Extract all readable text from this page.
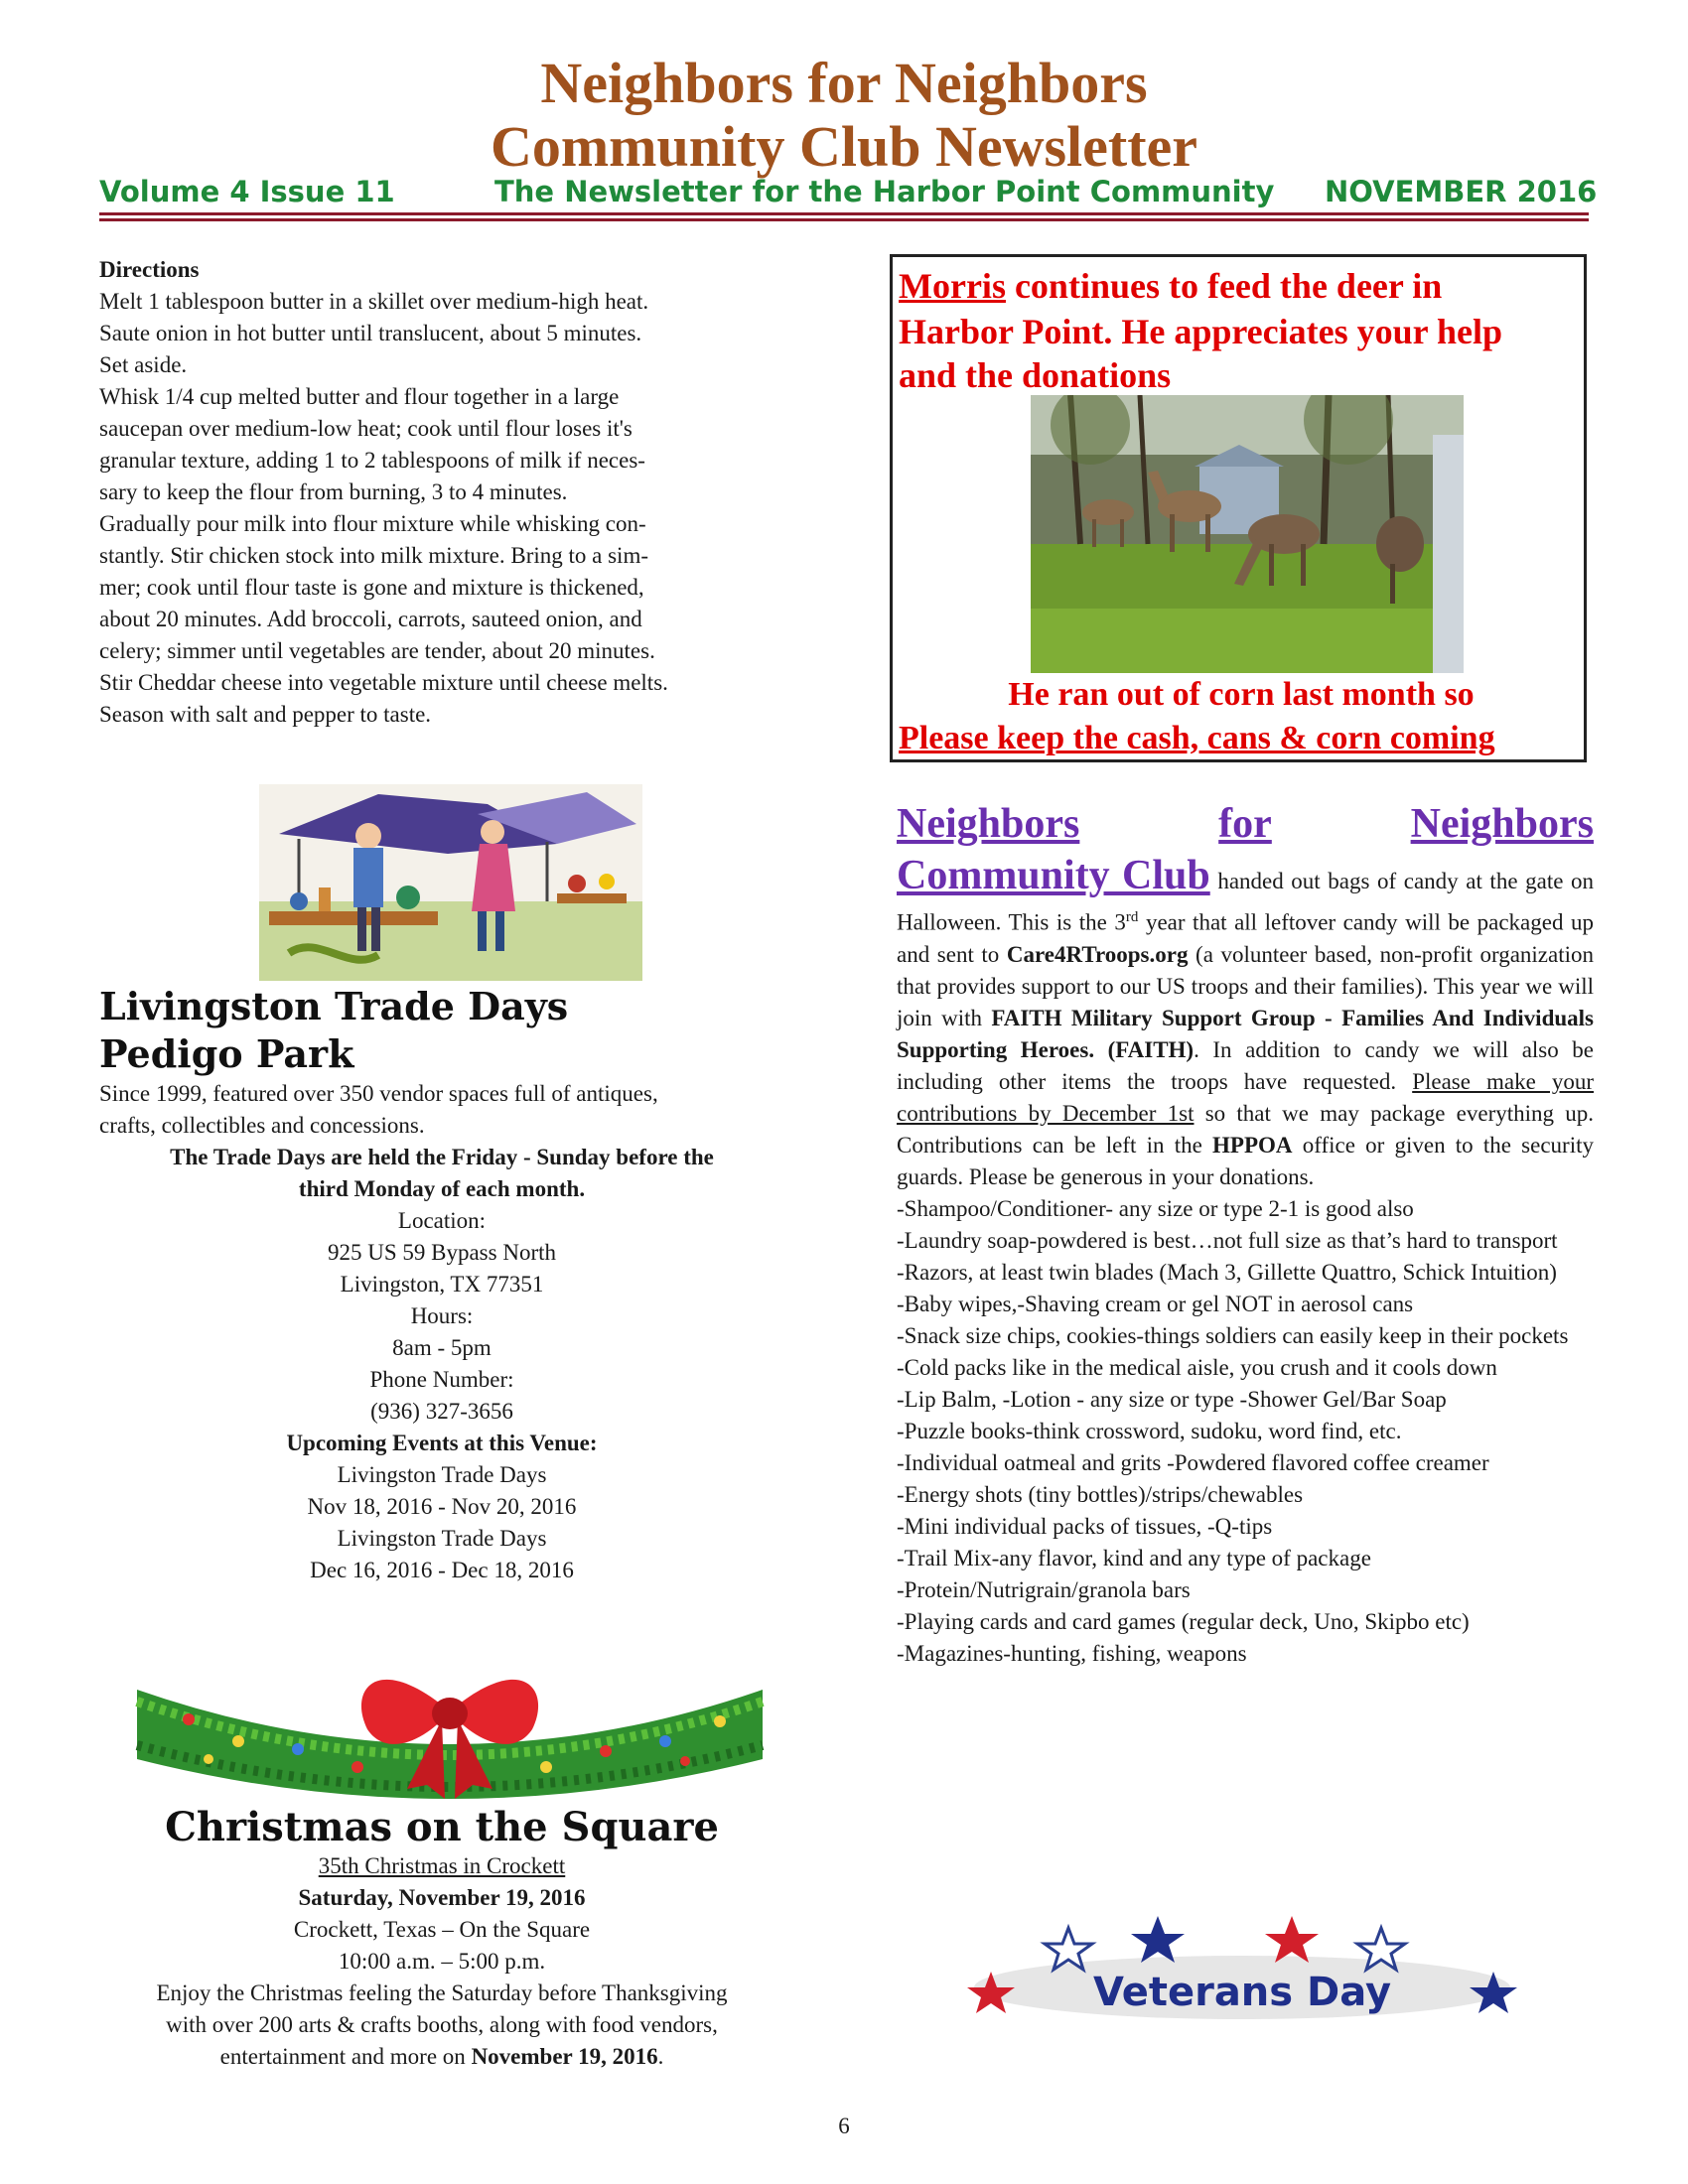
Neighbors for Neighbors
Community Club Newsletter
Volume 4 Issue 11	The Newsletter for the Harbor Point Community NOVEMBER 2016
Directions
Melt 1 tablespoon butter in a skillet over medium-high heat.
Saute onion in hot butter until translucent, about 5 minutes.
Set aside.
Whisk 1/4 cup melted butter and flour together in a large
saucepan over medium-low heat; cook until flour loses it's
granular texture, adding 1 to 2 tablespoons of milk if neces-
sary to keep the flour from burning, 3 to 4 minutes.
Gradually pour milk into flour mixture while whisking con-
stantly. Stir chicken stock into milk mixture. Bring to a sim-
mer; cook until flour taste is gone and mixture is thickened,
about 20 minutes. Add broccoli, carrots, sauteed onion, and
celery; simmer until vegetables are tender, about 20 minutes.
Stir Cheddar cheese into vegetable mixture until cheese melts.
Season with salt and pepper to taste.
Livingston Trade Days
Pedigo Park
Since 1999, featured over 350 vendor spaces full of antiques,
crafts, collectibles and concessions.
The Trade Days are held the Friday - Sunday before the
third Monday of each month.
Location:
925 US 59 Bypass North
Livingston, TX 77351
Hours:
8am - 5pm
Phone Number:
(936) 327-3656
Upcoming Events at this Venue:
Livingston Trade Days
Nov 18, 2016 - Nov 20, 2016
Livingston Trade Days
Dec 16, 2016 - Dec 18, 2016
Christmas on the Square
35th Christmas in Crockett
Saturday, November 19, 2016
Crockett, Texas – On the Square
10:00 a.m. – 5:00 p.m.
Enjoy the Christmas feeling the Saturday before Thanksgiving
with over 200 arts & crafts booths, along with food vendors,
entertainment and more on November 19, 2016.
Morris continues to feed the deer in
Harbor Point. He appreciates your help
and the donations
He ran out of corn last month so
Please keep the cash, cans & corn coming
Neighbors	for	Neighbors
Community Club handed out bags of candy at the gate on Halloween. This is the 3rd year that all leftover candy will be packaged up and sent to Care4RTroops.org (a volunteer based, non-profit organization that provides support to our US troops and their families). This year we will join with FAITH Military Support Group - Families And Individuals Supporting Heroes. (FAITH). In addition to candy we will also be including other items the troops have requested. Please make your contributions by December 1st so that we may package everything up. Contributions can be left in the HPPOA office or given to the security guards. Please be generous in your donations.
-Shampoo/Conditioner- any size or type 2-1 is good also
-Laundry soap-powdered is best…not full size as that’s hard to transport
-Razors, at least twin blades (Mach 3, Gillette Quattro, Schick Intuition)
-Baby wipes,-Shaving cream or gel NOT in aerosol cans
-Snack size chips, cookies-things soldiers can easily keep in their pockets
-Cold packs like in the medical aisle, you crush and it cools down
-Lip Balm, -Lotion - any size or type -Shower Gel/Bar Soap
-Puzzle books-think crossword, sudoku, word find, etc.
-Individual oatmeal and grits -Powdered flavored coffee creamer
-Energy shots (tiny bottles)/strips/chewables
-Mini individual packs of tissues, -Q-tips
-Trail Mix-any flavor, kind and any type of package
-Protein/Nutrigrain/granola bars
-Playing cards and card games (regular deck, Uno, Skipbo etc)
-Magazines-hunting, fishing, weapons
Veterans Day
6
